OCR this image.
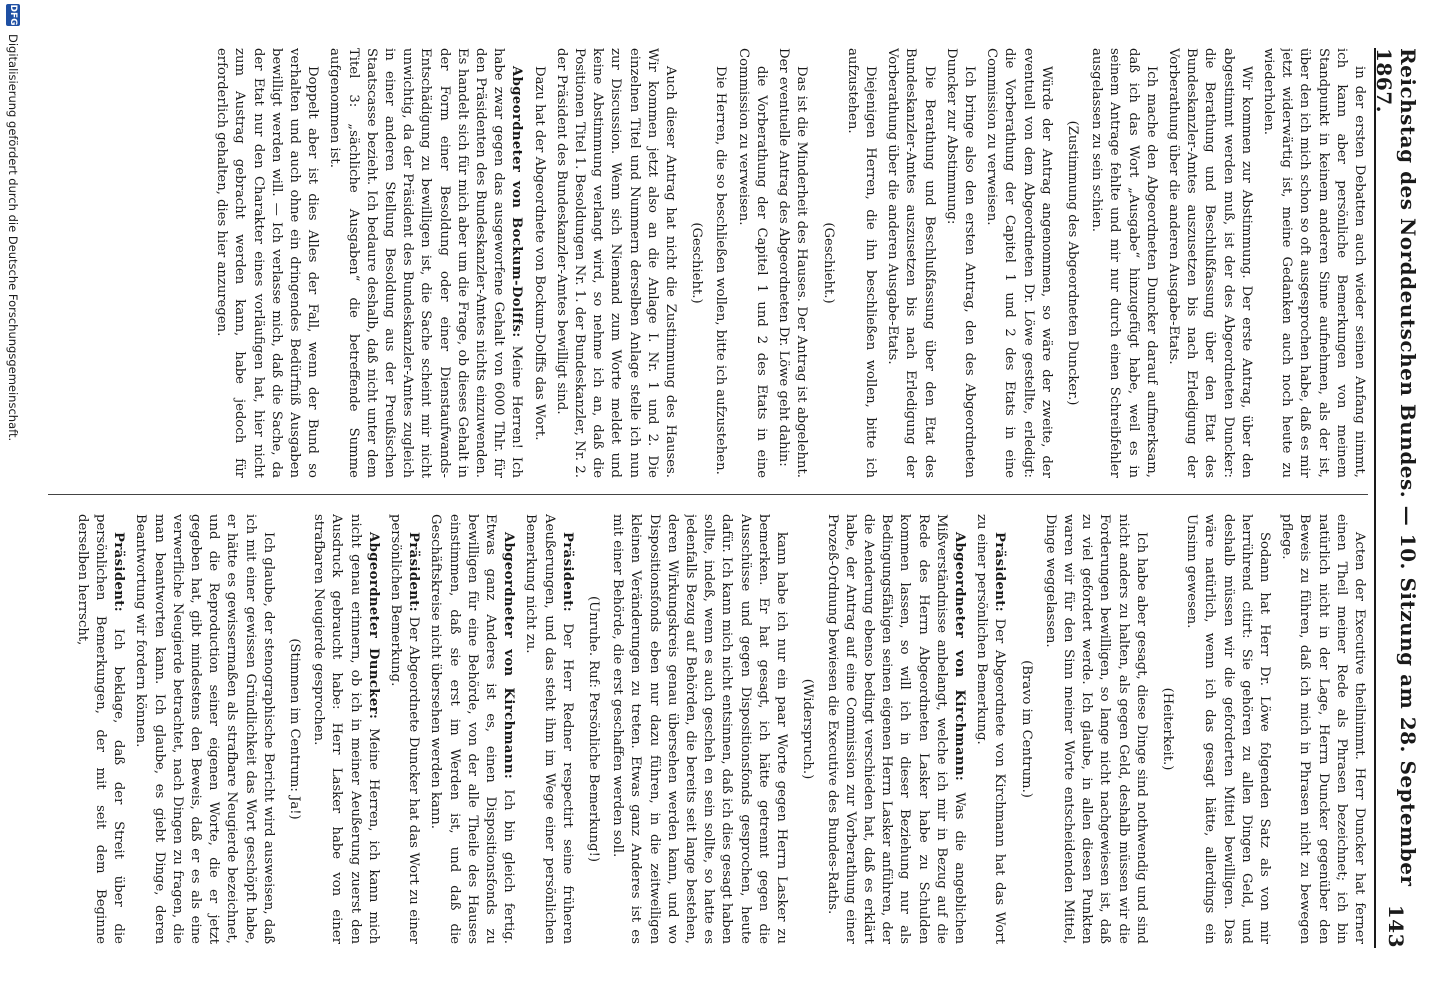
Reichstag des Norddeutschen Bundes. — 10. Sitzung am 28. September 1867.
143

in der ersten Debatten auch wieder seinen Anfang nimmt, ich kann aber persönliche Bemerkungen von meinem Standpunkt in keinem anderen Sinne aufnehmen, als der ist, über den ich mich schon so oft ausgesprochen habe, daß es mir jetzt widerwärtig ist, meine Gedanken auch noch heute zu wiederholen.

Wir kommen zur Abstimmung. Der erste Antrag, über den abgestimmt werden muß, ist der des Abgeordneten Duncker: die Berathung und Beschlußfassung über den Etat des Bundeskanzler-Amtes auszusetzen bis nach Erledigung der Vorberathung über die anderen Ausgabe-Etats.

Ich mache den Abgeordneten Duncker darauf aufmerksam, daß ich das Wort „Ausgabe“ hinzugefügt habe, weil es in seinem Antrage fehlte und mir nur durch einen Schreibfehler ausgelassen zu sein schien.

(Zustimmung des Abgeordneten Duncker.)

Würde der Antrag angenommen, so wäre der zweite, der eventuell von dem Abgeordneten Dr. Löwe gestellte, erledigt: die Vorberathung der Capitel 1 und 2 des Etats in eine Commission zu verweisen.

Ich bringe also den ersten Antrag, den des Abgeordneten Duncker zur Abstimmung:

Die Berathung und Beschlußfassung über den Etat des Bundeskanzler-Amtes auszusetzen bis nach Erledigung der Vorberathung über die anderen Ausgabe-Etats.

Diejenigen Herren, die ihn beschließen wollen, bitte ich aufzustehen.

(Geschieht.)

Das ist die Minderheit des Hauses. Der Antrag ist abgelehnt. Der eventuelle Antrag des Abgeordneten Dr. Löwe geht dahin:

die Vorberathung der Capitel 1 und 2 des Etats in eine Commission zu verweisen.

Die Herren, die so beschließen wollen, bitte ich aufzustehen.

(Geschieht.)

Auch dieser Antrag hat nicht die Zustimmung des Hauses. Wir kommen jetzt also an die Anlage I. Nr. 1 und 2. Die einzelnen Titel und Nummern derselben Anlage stelle ich nun zur Discussion. Wenn sich Niemand zum Worte meldet und keine Abstimmung verlangt wird, so nehme ich an, daß die Positionen Titel 1. Besoldungen Nr. 1. der Bundeskanzler, Nr. 2. der Präsident des Bundeskanzler-Amtes bewilligt sind.

Dazu hat der Abgeordnete von Bockum-Dolffs das Wort.

Abgeordneter von Bockum-Dolffs: Meine Herren! Ich habe zwar gegen das ausgeworfene Gehalt von 6000 Thlr. für den Präsidenten des Bundeskanzler-Amtes nichts einzuwenden. Es handelt sich für mich aber um die Frage, ob dieses Gehalt in der Form einer Besoldung oder einer Dienstaufwands-Entschädigung zu bewilligen ist, die Sache scheint mir nicht unwichtig, da der Präsident des Bundeskanzler-Amtes zugleich in einer anderen Stellung Besoldung aus der Preußischen Staatscasse bezieht. Ich bedaure deshalb, daß nicht unter dem Titel 3: „sächliche Ausgaben“ die betreffende Summe aufgenommen ist.

Doppelt aber ist dies Alles der Fall, wenn der Bund so verhalten und auch ohne ein dringendes Bedürfniß Ausgaben bewilligt werden will. — Ich verlasse mich, daß die Sache, da der Etat nur den Charakter eines vorläufigen hat, hier nicht zum Austrag gebracht werden kann, habe jedoch für erforderlich gehalten, dies hier anzuregen.

Acten der Executive theilnimmt. Herr Duncker hat ferner einen Theil meiner Rede als Phrasen bezeichnet; ich bin natürlich nicht in der Lage, Herrn Duncker gegenüber den Beweis zu führen, daß ich mich in Phrasen nicht zu bewegen pflege.

Sodann hat Herr Dr. Löwe folgenden Satz als von mir herrührend citirt: Sie gehören zu allen Dingen Geld, und deshalb müssen wir die geforderten Mittel bewilligen. Das wäre natürlich, wenn ich das gesagt hätte, allerdings ein Unsinn gewesen.

(Heiterkeit.)

Ich habe aber gesagt, diese Dinge sind nothwendig und sind nicht anders zu halten, als gegen Geld, deshalb müssen wir die Forderungen bewilligen, so lange nicht nachgewiesen ist, daß zu viel gefordert werde. Ich glaube, in allen diesen Punkten waren wir für den Sinn meiner Worte entscheidenden Mittel, Dinge weggelassen.

(Bravo im Centrum.)

Präsident: Der Abgeordnete von Kirchmann hat das Wort zu einer persönlichen Bemerkung.

Abgeordneter von Kirchmann: Was die angeblichen Mißverständnisse anbelangt, welche ich mir in Bezug auf die Rede des Herrn Abgeordneten Lasker habe zu Schulden kommen lassen, so will ich in dieser Beziehung nur als Bedingungsfähigen seinen eigenen Herrn Lasker anführen, der die Aenderung ebenso bedingt verschieden hat, daß es erklärt habe, der Antrag auf eine Commission zur Vorberathung einer Prozeß-Ordnung bewiesen die Executive des Bundes-Raths.

(Widerspruch.)

kann habe ich nur ein paar Worte gegen Herrn Lasker zu bemerken. Er hat gesagt, ich hätte getrennt gegen die Ausschüsse und gegen Dispositionsfonds gesprochen, heute dafür. Ich kann mich nicht entsinnen, daß ich dies gesagt haben sollte, indeß, wenn es auch gescheh en sein sollte, so hatte es jedenfalls Bezug auf Behörden, die bereits seit lange bestehen, deren Wirkungskreis genau übersehen werden kann, und wo Dispositionsfonds eben nur dazu führen, in die zeitweiligen kleinen Veränderungen zu treten. Etwas ganz Anderes ist es mit einer Behörde, die erst geschaffen werden soll.

(Unruhe. Ruf: Persönliche Bemerkung!)

Präsident: Der Herr Redner respectirt seine früheren Aeußerungen, und das steht ihm im Wege einer persönlichen Bemerkung nicht zu.

Abgeordneter von Kirchmann: Ich bin gleich fertig. Etwas ganz Anderes ist es, einen Dispositionsfonds zu bewilligen für eine Behörde, von der alle Theile des Hauses einstimmen, daß sie erst im Werden ist, und daß die Geschäftskreise nicht übersehen werden kann.

Präsident: Der Abgeordnete Duncker hat das Wort zu einer persönlichen Bemerkung.

Abgeordneter Duncker: Meine Herren, ich kann mich nicht genau erinnern, ob ich in meiner Aeußerung zuerst den Ausdruck gebraucht habe: Herr Lasker habe von einer strafbaren Neugierde gesprochen.

(Stimmen im Centrum: Ja!)

Ich glaube, der stenographische Bericht wird ausweisen, daß ich mit einer gewissen Gründlichkeit das Wort geschöpft habe, er hätte es gewissermaßen als strafbare Neugierde bezeichnet, und die Reproduction seiner eigenen Worte, die er jetzt gegeben hat, gibt mindestens den Beweis, daß er es als eine verwerfliche Neugierde betrachtet, nach Dingen zu fragen, die man beantworten kann. Ich glaube, es giebt Dinge, deren Beantwortung wir fordern können.

Präsident: Ich beklage, daß der Streit über die persönlichen Bemerkungen, der mit seit dem Beginne derselben herrscht,

DFG
Digitalisierung gefördert durch die Deutsche Forschungsgemeinschaft.
